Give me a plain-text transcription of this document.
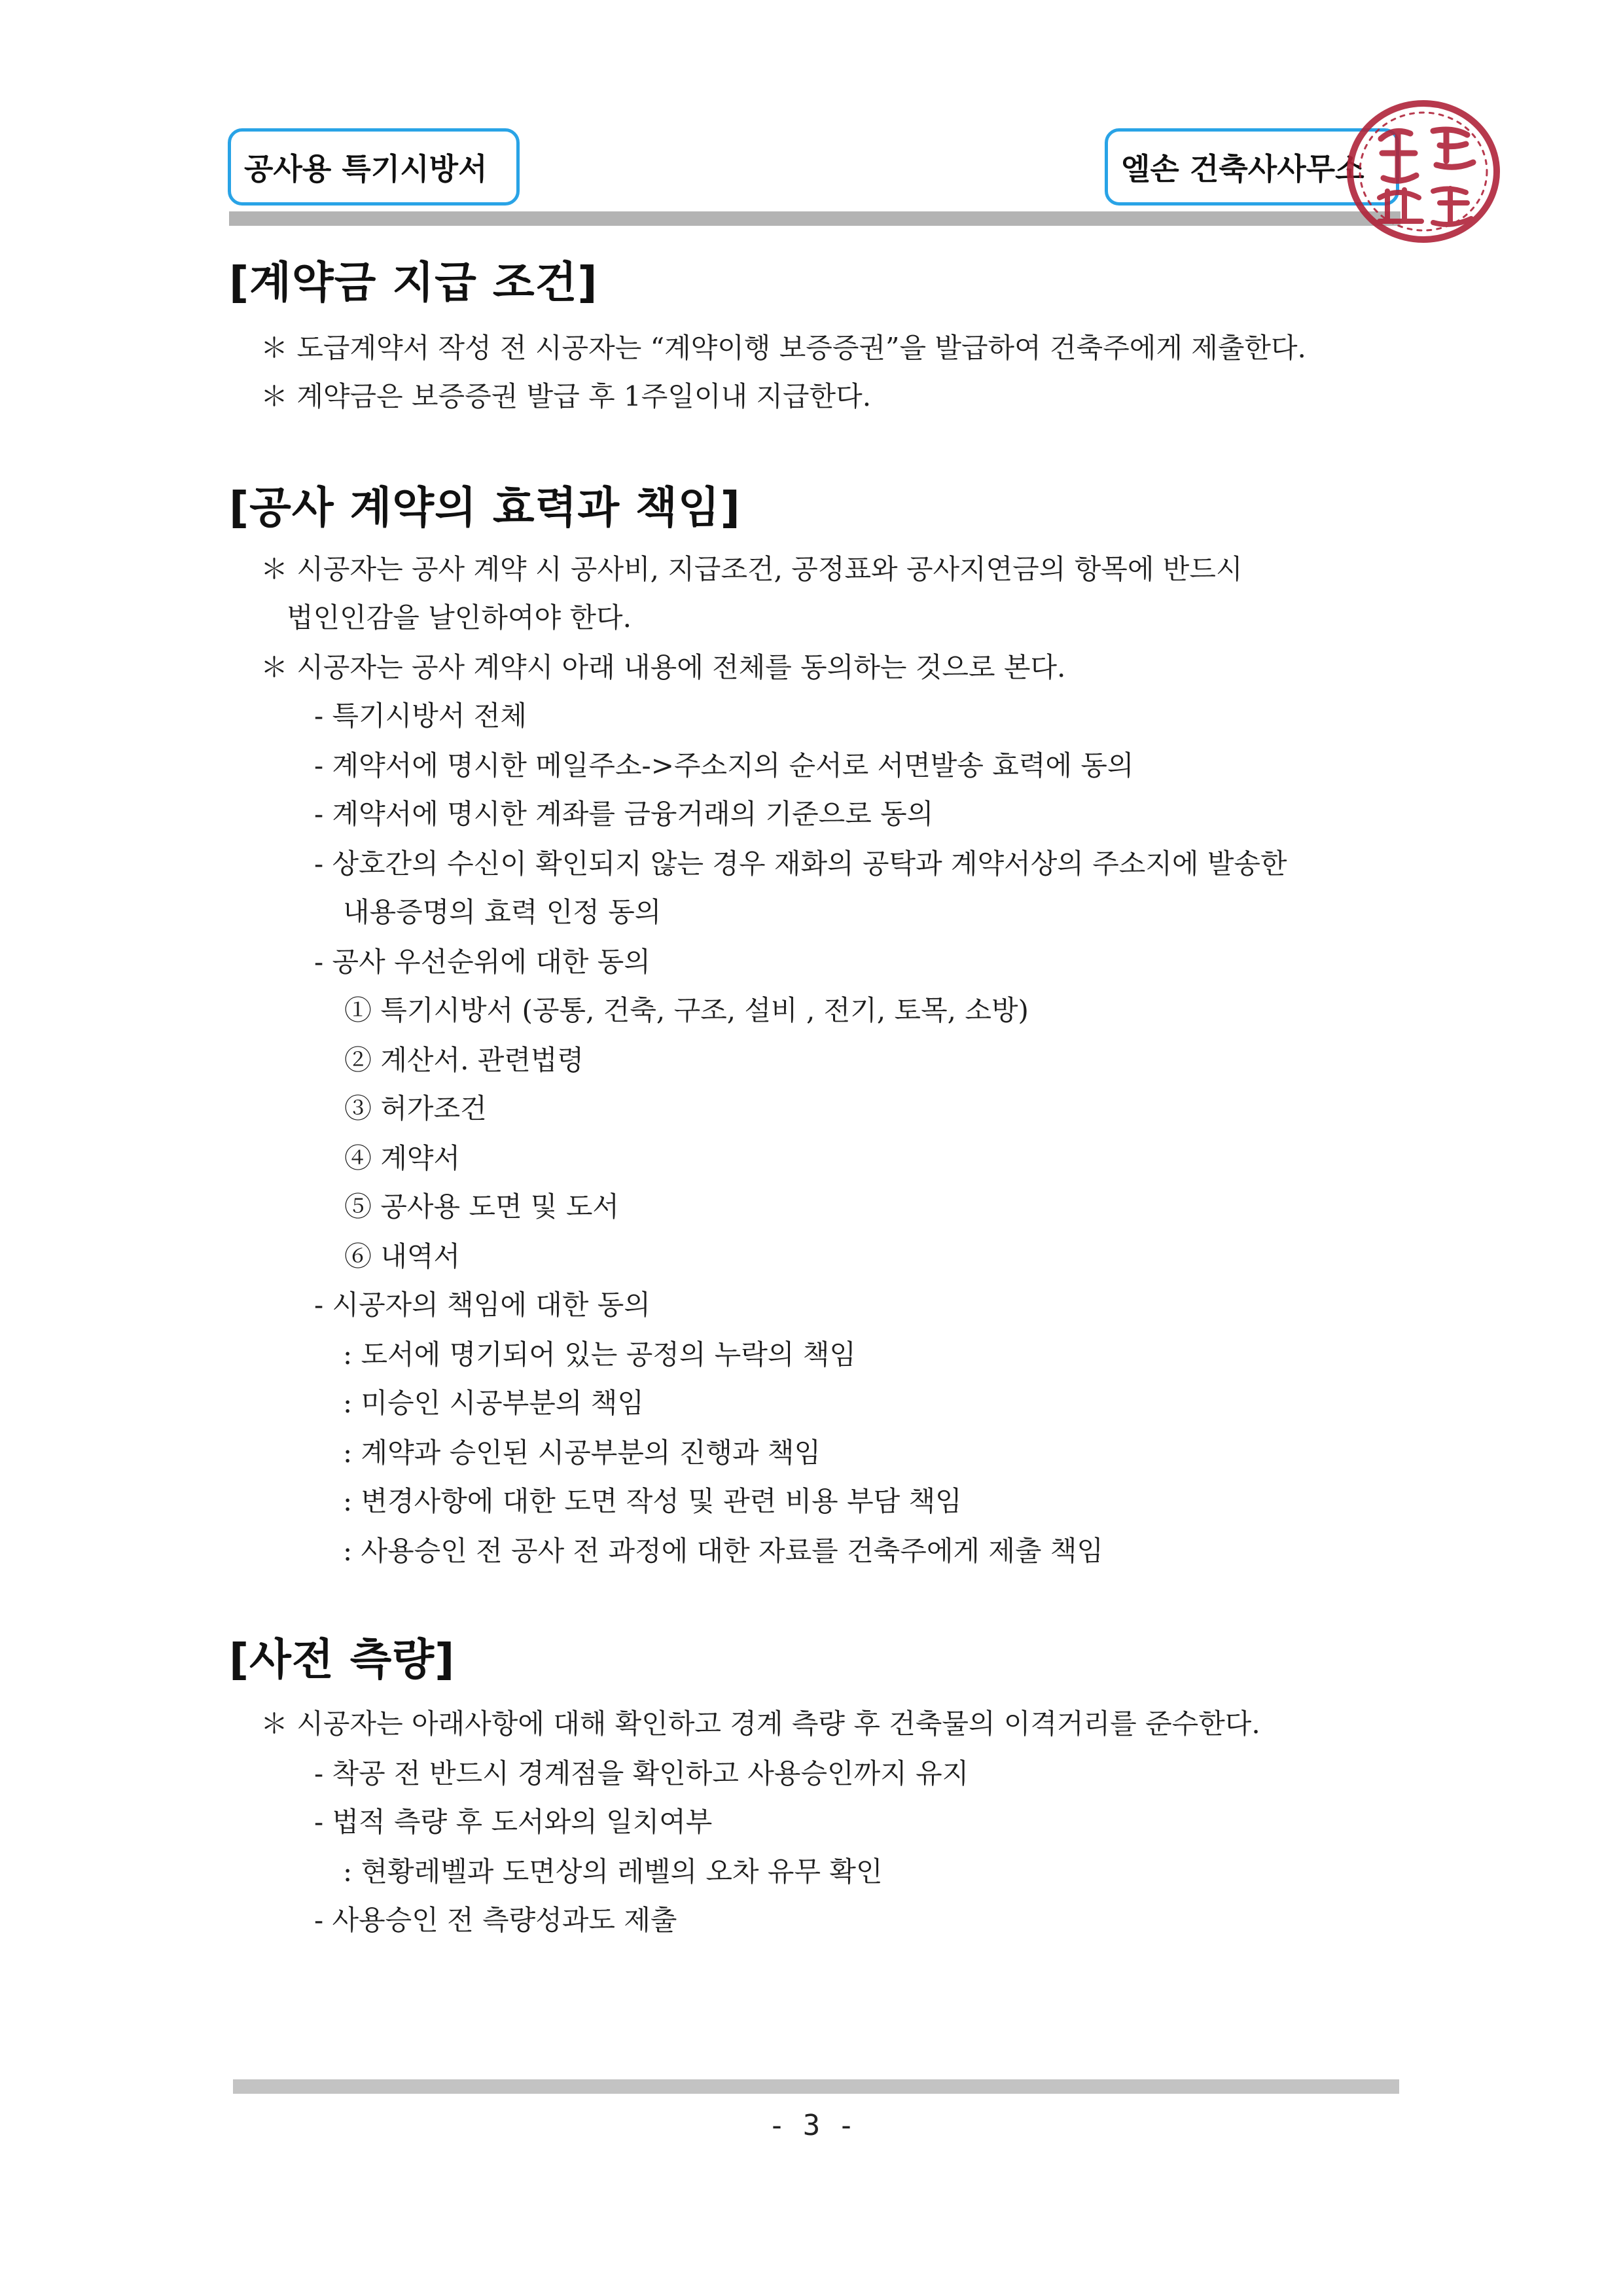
공사용 특기시방서	엘손 건축사사무소
[계약금 지급 조건]
＊ 도급계약서 작성 전 시공자는 “계약이행 보증증권”을 발급하여 건축주에게 제출한다.
＊ 계약금은 보증증권 발급 후 1주일이내 지급한다.
[공사 계약의 효력과 책임]
＊ 시공자는 공사 계약 시 공사비, 지급조건, 공정표와 공사지연금의 항목에 반드시
법인인감을 날인하여야 한다.
＊ 시공자는 공사 계약시 아래 내용에 전체를 동의하는 것으로 본다.
- 특기시방서 전체
- 계약서에 명시한 메일주소->주소지의 순서로 서면발송 효력에 동의
- 계약서에 명시한 계좌를 금융거래의 기준으로 동의
- 상호간의 수신이 확인되지 않는 경우 재화의 공탁과 계약서상의 주소지에 발송한
내용증명의 효력 인정 동의
- 공사 우선순위에 대한 동의
① 특기시방서 (공통, 건축, 구조, 설비 , 전기, 토목, 소방)
② 계산서. 관련법령
③ 허가조건
④ 계약서
⑤ 공사용 도면 및 도서
⑥ 내역서
- 시공자의 책임에 대한 동의
: 도서에 명기되어 있는 공정의 누락의 책임
: 미승인 시공부분의 책임
: 계약과 승인된 시공부분의 진행과 책임
: 변경사항에 대한 도면 작성 및 관련 비용 부담 책임
: 사용승인 전 공사 전 과정에 대한 자료를 건축주에게 제출 책임
[사전 측량]
＊ 시공자는 아래사항에 대해 확인하고 경계 측량 후 건축물의 이격거리를 준수한다.
- 착공 전 반드시 경계점을 확인하고 사용승인까지 유지
- 법적 측량 후 도서와의 일치여부
: 현황레벨과 도면상의 레벨의 오차 유무 확인
- 사용승인 전 측량성과도 제출
- 3 -
